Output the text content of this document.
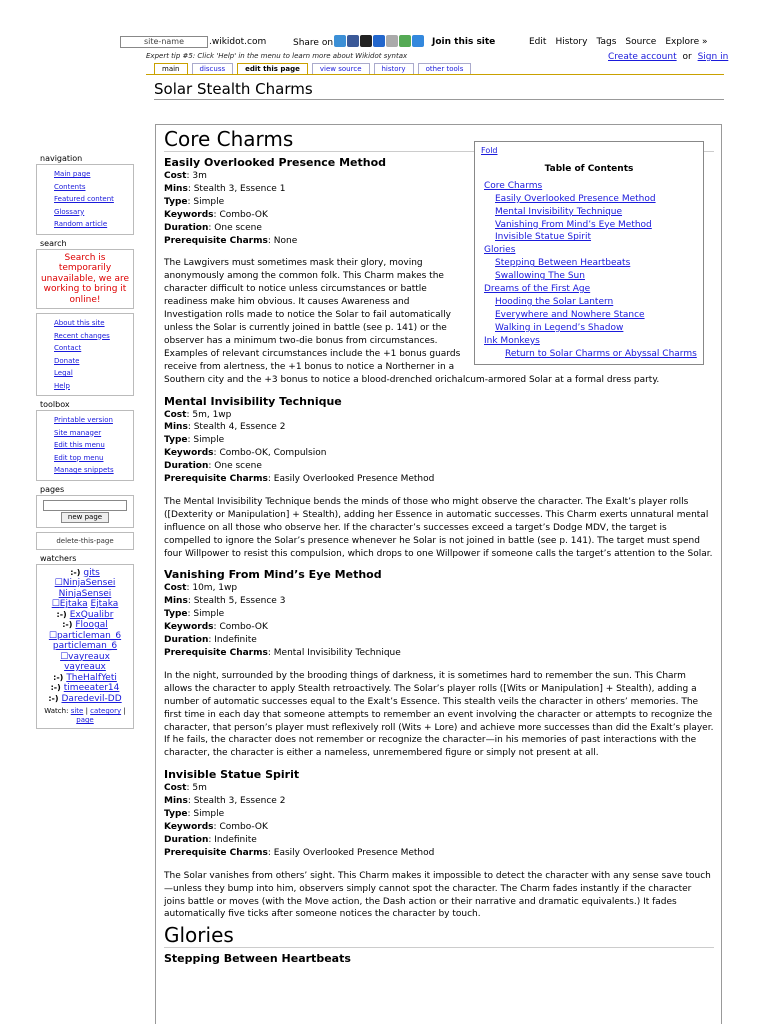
site-name	.wikidot.com	Share on	Join this site	Edit History Tags Source Explore »
Expert tip #5: Click 'Help' in the menu to learn more about Wikidot syntax	Create account or Sign in
main	discuss	edit this page	view source	history	other tools
Solar Stealth Charms
navigation
Main page
Contents
Featured content
Glossary
Random article
search
Search is temporarily unavailable, we are working to bring it online!
About this site
Recent changes
Contact
Donate
Legal
Help
toolbox
Printable version
Site manager
Edit this menu
Edit top menu
Manage snippets
pages
new page
delete-this-page
watchers
:-) gits
☐NinjaSensei
NinjaSensei
☐Ejtaka Ejtaka
:-) ExQualibr
:-) Floogal
☐particleman_6
particleman_6
☐vayreaux
vayreaux
:-) TheHalfYeti
:-) timeeater14
:-) Daredevil-DD
Watch: site | category |
page
Core Charms
Easily Overlooked Presence Method
Cost: 3m
Mins: Stealth 3, Essence 1
Type: Simple
Keywords: Combo-OK
Duration: One scene
Prerequisite Charms: None

The Lawgivers must sometimes mask their glory, moving anonymously among the common folk. This Charm makes the character difficult to notice unless circumstances or battle readiness make him obvious. It causes Awareness and Investigation rolls made to notice the Solar to fail automatically unless the Solar is currently joined in battle (see p. 141) or the observer has a minimum two-die bonus from circumstances. Examples of relevant circumstances include the +1 bonus guards receive from alertness, the +1 bonus to notice a Northerner in a Southern city and the +3 bonus to notice a blood-drenched orichalcum-armored Solar at a formal dress party.

Mental Invisibility Technique
Cost: 5m, 1wp
Mins: Stealth 4, Essence 2
Type: Simple
Keywords: Combo-OK, Compulsion
Duration: One scene
Prerequisite Charms: Easily Overlooked Presence Method

The Mental Invisibility Technique bends the minds of those who might observe the character. The Exalt’s player rolls ([Dexterity or Manipulation] + Stealth), adding her Essence in automatic successes. This Charm exerts unnatural mental influence on all those who observe her. If the character’s successes exceed a target’s Dodge MDV, the target is compelled to ignore the Solar’s presence whenever he Solar is not joined in battle (see p. 141). The target must spend four Willpower to resist this compulsion, which drops to one Willpower if someone calls the target’s attention to the Solar.

Vanishing From Mind’s Eye Method
Cost: 10m, 1wp
Mins: Stealth 5, Essence 3
Type: Simple
Keywords: Combo-OK
Duration: Indefinite
Prerequisite Charms: Mental Invisibility Technique

In the night, surrounded by the brooding things of darkness, it is sometimes hard to remember the sun. This Charm allows the character to apply Stealth retroactively. The Solar’s player rolls ([Wits or Manipulation] + Stealth), adding a number of automatic successes equal to the Exalt’s Essence. This stealth veils the character in others’ memories. The first time in each day that someone attempts to remember an event involving the character or attempts to recognize the character, that person’s player must reflexively roll (Wits + Lore) and achieve more successes than did the Exalt’s player. If he fails, the character does not remember or recognize the character—in his memories of past interactions with the character, the character is either a nameless, unremembered figure or simply not present at all.

Invisible Statue Spirit
Cost: 5m
Mins: Stealth 3, Essence 2
Type: Simple
Keywords: Combo-OK
Duration: Indefinite
Prerequisite Charms: Easily Overlooked Presence Method

The Solar vanishes from others’ sight. This Charm makes it impossible to detect the character with any sense save touch—unless they bump into him, observers simply cannot spot the character. The Charm fades instantly if the character joins battle or moves (with the Move action, the Dash action or their narrative and dramatic equivalents.) It fades automatically five ticks after someone notices the character by touch.

Glories
Stepping Between Heartbeats
Fold
Table of Contents
Core Charms
Easily Overlooked Presence Method
Mental Invisibility Technique
Vanishing From Mind’s Eye Method
Invisible Statue Spirit
Glories
Stepping Between Heartbeats
Swallowing The Sun
Dreams of the First Age
Hooding the Solar Lantern
Everywhere and Nowhere Stance
Walking in Legend’s Shadow
Ink Monkeys
Return to Solar Charms or Abyssal Charms
